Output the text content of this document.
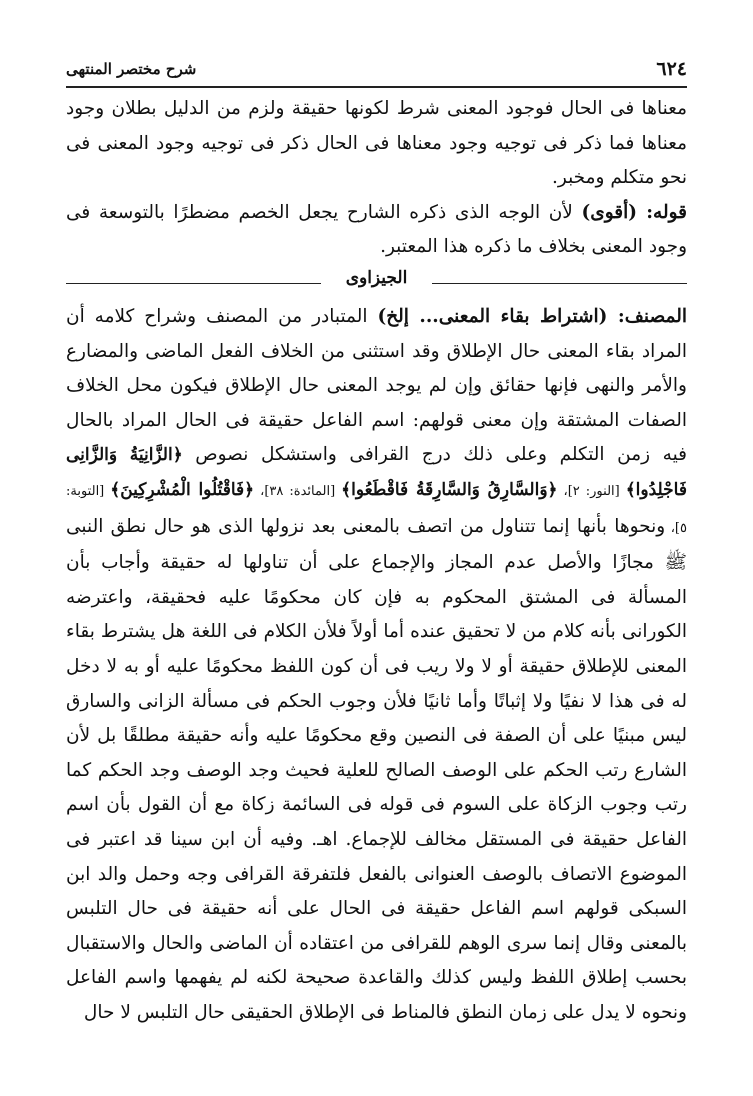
٦٢٤
شرح مختصر المنتهى

معناها فى الحال فوجود المعنى شرط لكونها حقيقة ولزم من الدليل بطلان وجود معناها فما ذكر فى توجيه وجود معناها فى الحال ذكر فى توجيه وجود المعنى فى نحو متكلم ومخبر.

قوله: (أقوى) لأن الوجه الذى ذكره الشارح يجعل الخصم مضطرًا بالتوسعة فى وجود المعنى بخلاف ما ذكره هذا المعتبر.

الجيزاوى

المصنف: (اشتراط بقاء المعنى... إلخ) المتبادر من المصنف وشراح كلامه أن المراد بقاء المعنى حال الإطلاق وقد استثنى من الخلاف الفعل الماضى والمضارع والأمر والنهى فإنها حقائق وإن لم يوجد المعنى حال الإطلاق فيكون محل الخلاف الصفات المشتقة وإن معنى قولهم: اسم الفاعل حقيقة فى الحال المراد بالحال فيه زمن التكلم وعلى ذلك درج القرافى واستشكل نصوص ﴿الزَّانِيَةُ وَالزَّانِى فَاجْلِدُوا﴾ [النور: ٢]، ﴿وَالسَّارِقُ وَالسَّارِقَةُ فَاقْطَعُوا﴾ [المائدة: ٣٨]، ﴿فَاقْتُلُوا الْمُشْرِكِينَ﴾ [التوبة: ٥]، ونحوها بأنها إنما تتناول من اتصف بالمعنى بعد نزولها الذى هو حال نطق النبى ﷺ مجازًا والأصل عدم المجاز والإجماع على أن تناولها له حقيقة وأجاب بأن المسألة فى المشتق المحكوم به فإن كان محكومًا عليه فحقيقة، واعترضه الكورانى بأنه كلام من لا تحقيق عنده أما أولاً فلأن الكلام فى اللغة هل يشترط بقاء المعنى للإطلاق حقيقة أو لا ولا ريب فى أن كون اللفظ محكومًا عليه أو به لا دخل له فى هذا لا نفيًا ولا إثباتًا وأما ثانيًا فلأن وجوب الحكم فى مسألة الزانى والسارق ليس مبنيًا على أن الصفة فى النصين وقع محكومًا عليه وأنه حقيقة مطلقًا بل لأن الشارع رتب الحكم على الوصف الصالح للعلية فحيث وجد الوصف وجد الحكم كما رتب وجوب الزكاة على السوم فى قوله فى السائمة زكاة مع أن القول بأن اسم الفاعل حقيقة فى المستقل مخالف للإجماع. اهـ. وفيه أن ابن سينا قد اعتبر فى الموضوع الاتصاف بالوصف العنوانى بالفعل فلتفرقة القرافى وجه وحمل والد ابن السبكى قولهم اسم الفاعل حقيقة فى الحال على أنه حقيقة فى حال التلبس بالمعنى وقال إنما سرى الوهم للقرافى من اعتقاده أن الماضى والحال والاستقبال بحسب إطلاق اللفظ وليس كذلك والقاعدة صحيحة لكنه لم يفهمها واسم الفاعل ونحوه لا يدل على زمان النطق فالمناط فى الإطلاق الحقيقى حال التلبس لا حال
